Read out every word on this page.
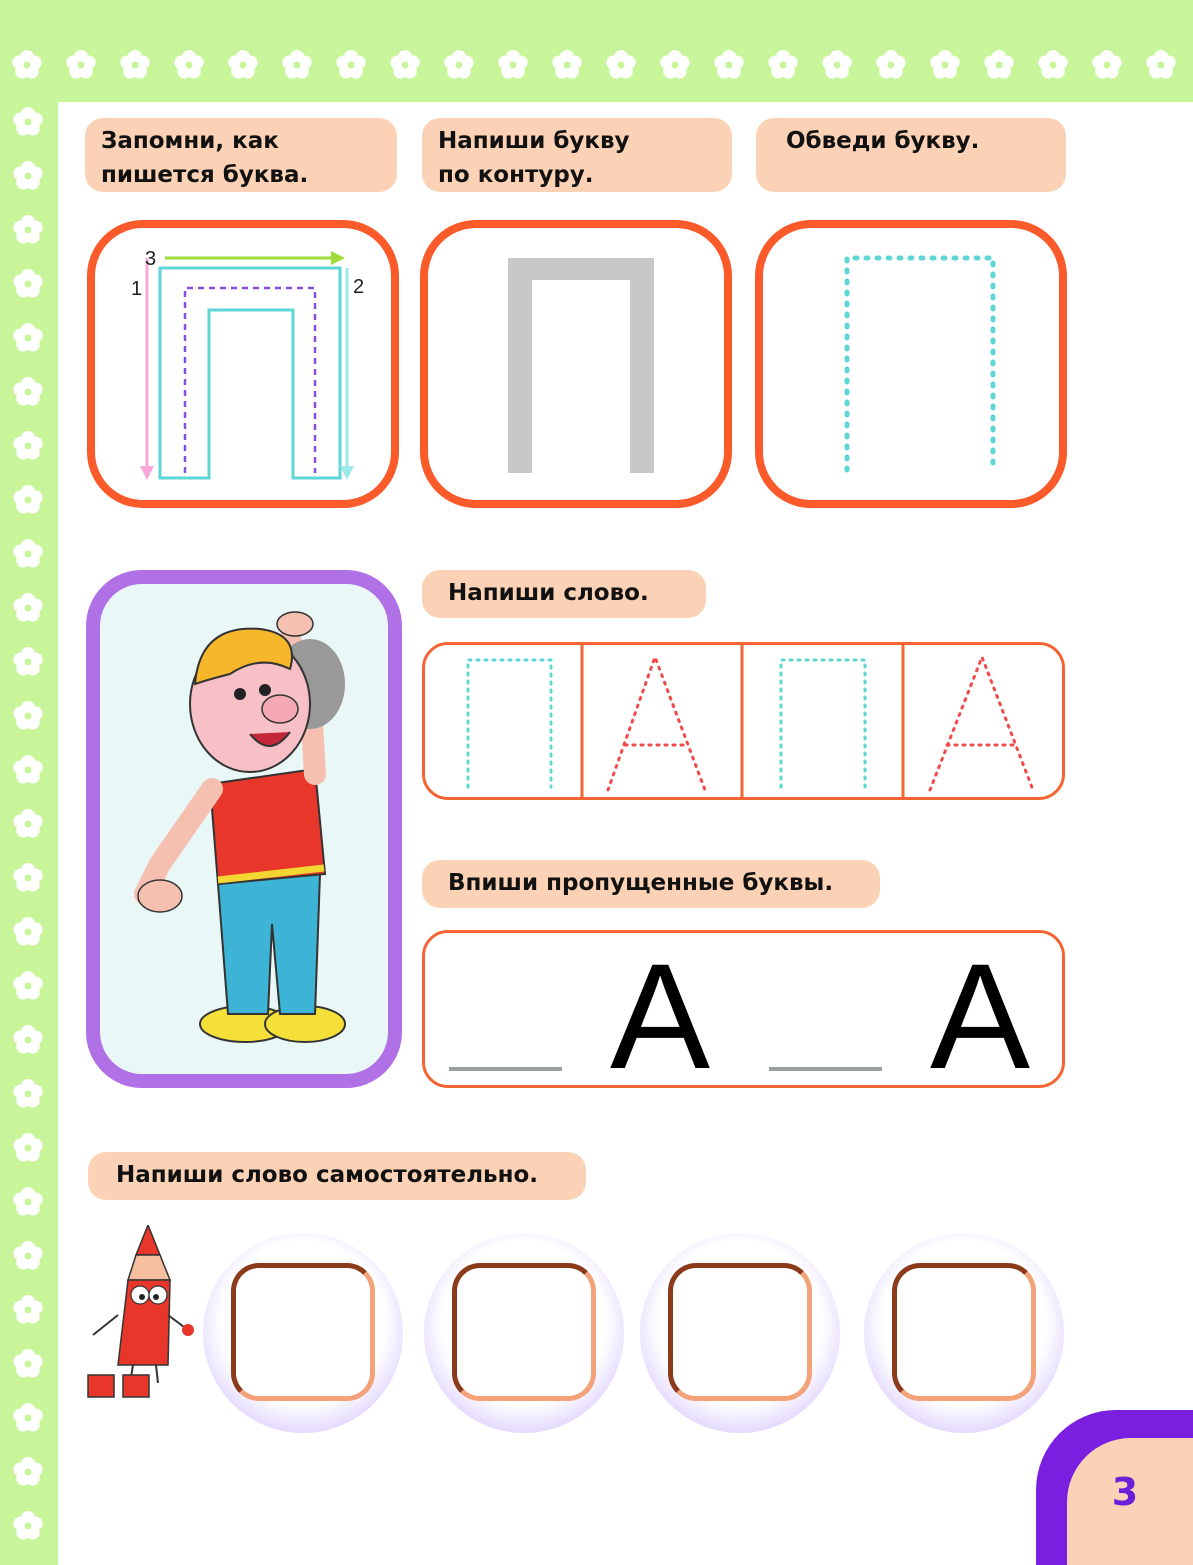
Запомни, как
пишется буква.
Напиши букву
по контуру.
Обведи букву.
1	2
3
Напиши слово.
Впиши пропущенные буквы.
А А
Напиши слово самостоятельно.
3
